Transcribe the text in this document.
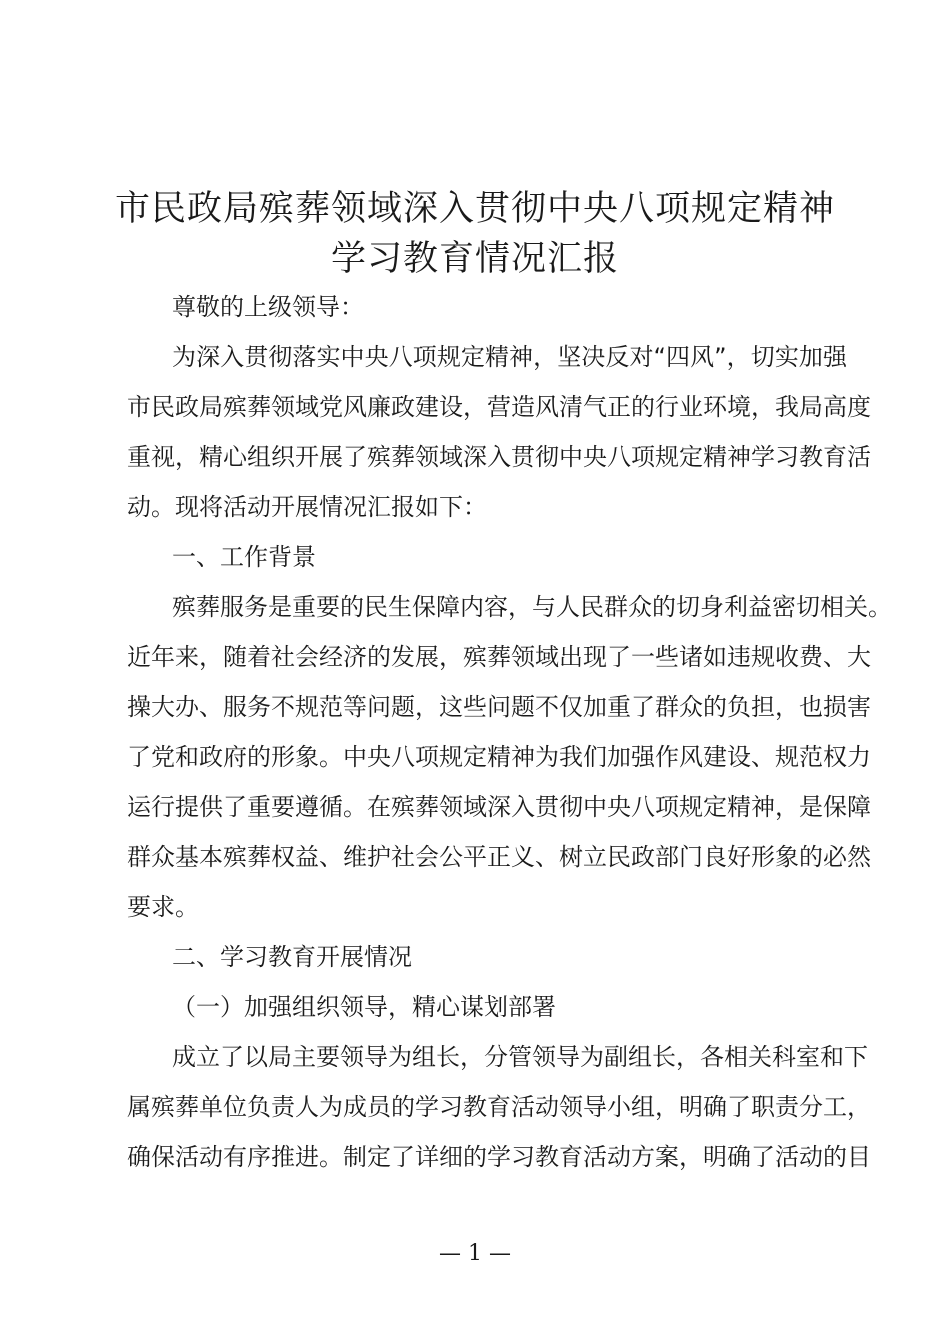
市民政局殡葬领域深入贯彻中央八项规定精神
学习教育情况汇报
尊敬的上级领导：
为深入贯彻落实中央八项规定精神，坚决反对“四风”，切实加强
市民政局殡葬领域党风廉政建设，营造风清气正的行业环境，我局高度
重视，精心组织开展了殡葬领域深入贯彻中央八项规定精神学习教育活
动。现将活动开展情况汇报如下：
一、工作背景
殡葬服务是重要的民生保障内容，与人民群众的切身利益密切相关。
近年来，随着社会经济的发展，殡葬领域出现了一些诸如违规收费、大
操大办、服务不规范等问题，这些问题不仅加重了群众的负担，也损害
了党和政府的形象。中央八项规定精神为我们加强作风建设、规范权力
运行提供了重要遵循。在殡葬领域深入贯彻中央八项规定精神，是保障
群众基本殡葬权益、维护社会公平正义、树立民政部门良好形象的必然
要求。
二、学习教育开展情况
（一）加强组织领导，精心谋划部署
成立了以局主要领导为组长，分管领导为副组长，各相关科室和下
属殡葬单位负责人为成员的学习教育活动领导小组，明确了职责分工，
确保活动有序推进。制定了详细的学习教育活动方案，明确了活动的目
— 1 —
